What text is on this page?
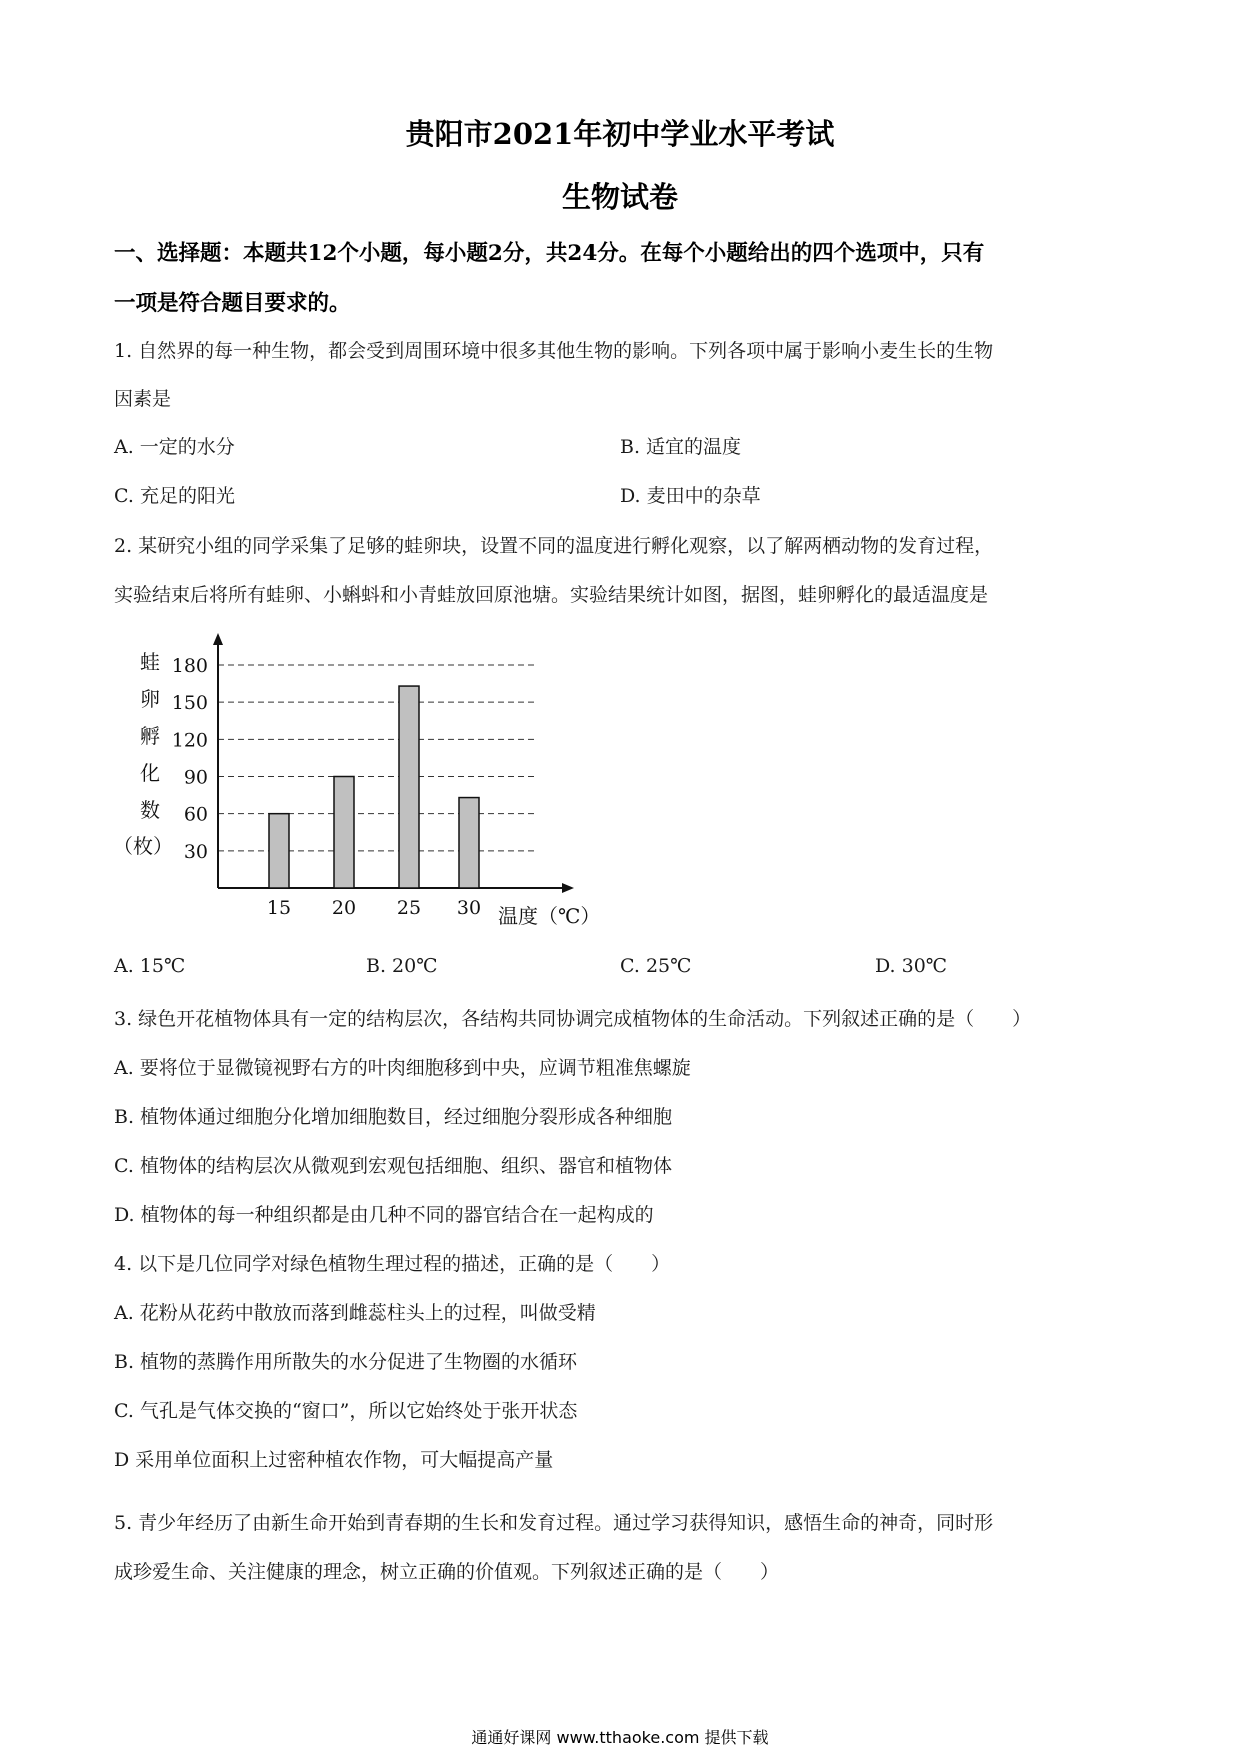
贵阳市2021年初中学业水平考试
生物试卷
一、选择题：本题共12个小题，每小题2分，共24分。在每个小题给出的四个选项中，只有
一项是符合题目要求的。
1. 自然界的每一种生物，都会受到周围环境中很多其他生物的影响。下列各项中属于影响小麦生长的生物
因素是
A. 一定的水分	B. 适宜的温度
C. 充足的阳光	D. 麦田中的杂草
2. 某研究小组的同学采集了足够的蛙卵块，设置不同的温度进行孵化观察，以了解两栖动物的发育过程，
实验结束后将所有蛙卵、小蝌蚪和小青蛙放回原池塘。实验结果统计如图，据图，蛙卵孵化的最适温度是
30
60
90
120
150
180
15 20 25 30 温度（℃）
蛙
卵
孵
化
数
（枚）
A. 15℃	B. 20℃	C. 25℃	D. 30℃
3. 绿色开花植物体具有一定的结构层次，各结构共同协调完成植物体的生命活动。下列叙述正确的是（　　）
A. 要将位于显微镜视野右方的叶肉细胞移到中央，应调节粗准焦螺旋
B. 植物体通过细胞分化增加细胞数目，经过细胞分裂形成各种细胞
C. 植物体的结构层次从微观到宏观包括细胞、组织、器官和植物体
D. 植物体的每一种组织都是由几种不同的器官结合在一起构成的
4. 以下是几位同学对绿色植物生理过程的描述，正确的是（　　）
A. 花粉从花药中散放而落到雌蕊柱头上的过程，叫做受精
B. 植物的蒸腾作用所散失的水分促进了生物圈的水循环
C. 气孔是气体交换的“窗口”，所以它始终处于张开状态
D 采用单位面积上过密种植农作物，可大幅提高产量
5. 青少年经历了由新生命开始到青春期的生长和发育过程。通过学习获得知识，感悟生命的神奇，同时形
成珍爱生命、关注健康的理念，树立正确的价值观。下列叙述正确的是（　　）
通通好课网 www.tthaoke.com 提供下载
